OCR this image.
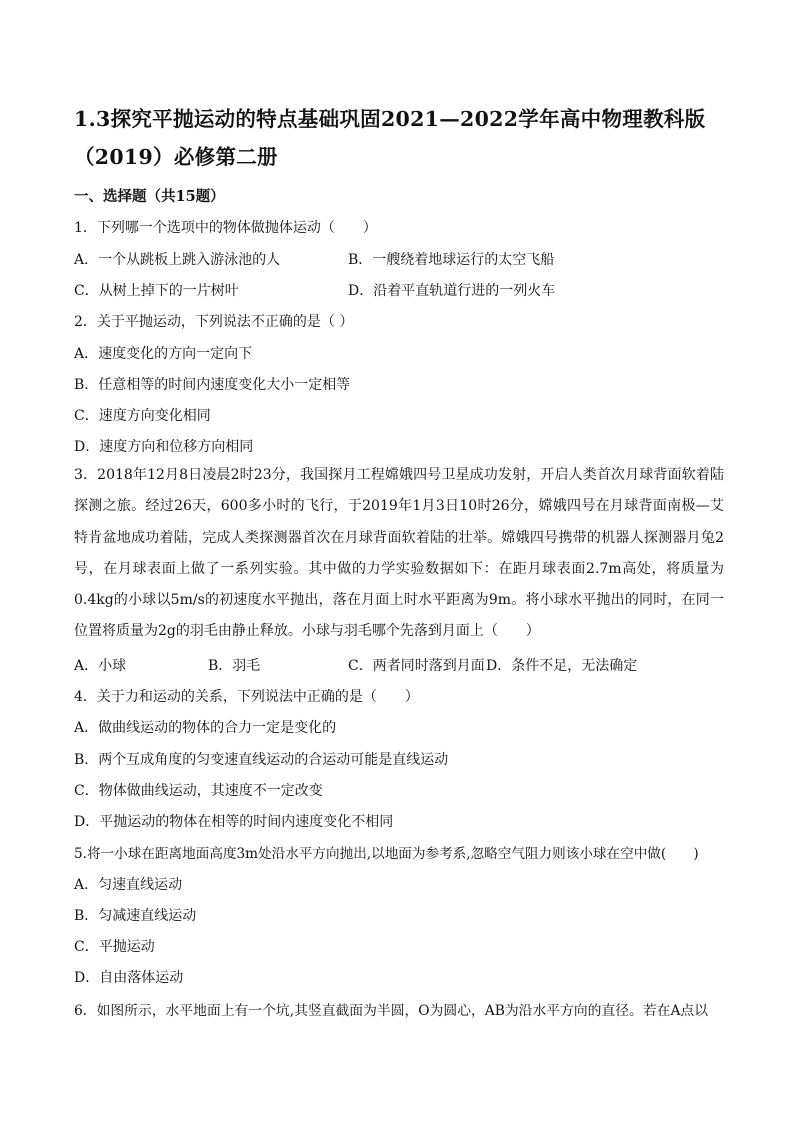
1.3探究平抛运动的特点基础巩固2021—2022学年高中物理教科版（2019）必修第二册
一、选择题（共15题）
1．下列哪一个选项中的物体做抛体运动（　　）
A．一个从跳板上跳入游泳池的人	B．一艘绕着地球运行的太空飞船
C．从树上掉下的一片树叶	D．沿着平直轨道行进的一列火车
2．关于平抛运动，下列说法不正确的是（ ）
A．速度变化的方向一定向下
B．任意相等的时间内速度变化大小一定相等
C．速度方向变化相同
D．速度方向和位移方向相同
3．2018年12月8日凌晨2时23分，我国探月工程嫦娥四号卫星成功发射，开启人类首次月球背面软着陆探测之旅。经过26天，600多小时的飞行，于2019年1月3日10时26分，嫦娥四号在月球背面南极—艾特肯盆地成功着陆，完成人类探测器首次在月球背面软着陆的壮举。嫦娥四号携带的机器人探测器月兔2号，在月球表面上做了一系列实验。其中做的力学实验数据如下：在距月球表面2.7m高处，将质量为0.4kg的小球以5m/s的初速度水平抛出，落在月面上时水平距离为9m。将小球水平抛出的同时，在同一位置将质量为2g的羽毛由静止释放。小球与羽毛哪个先落到月面上（　　）
A．小球	B．羽毛	C．两者同时落到月面 D．条件不足，无法确定
4．关于力和运动的关系，下列说法中正确的是（　　）
A．做曲线运动的物体的合力一定是变化的
B．两个互成角度的匀变速直线运动的合运动可能是直线运动
C．物体做曲线运动，其速度不一定改变
D．平抛运动的物体在相等的时间内速度变化不相同
5.将一小球在距离地面高度3m处沿水平方向抛出,以地面为参考系,忽略空气阻力则该小球在空中做(　　)
A．匀速直线运动
B．匀减速直线运动
C．平抛运动
D．自由落体运动
6．如图所示，水平地面上有一个坑,其竖直截面为半圆，O为圆心，AB为沿水平方向的直径。若在A点以
